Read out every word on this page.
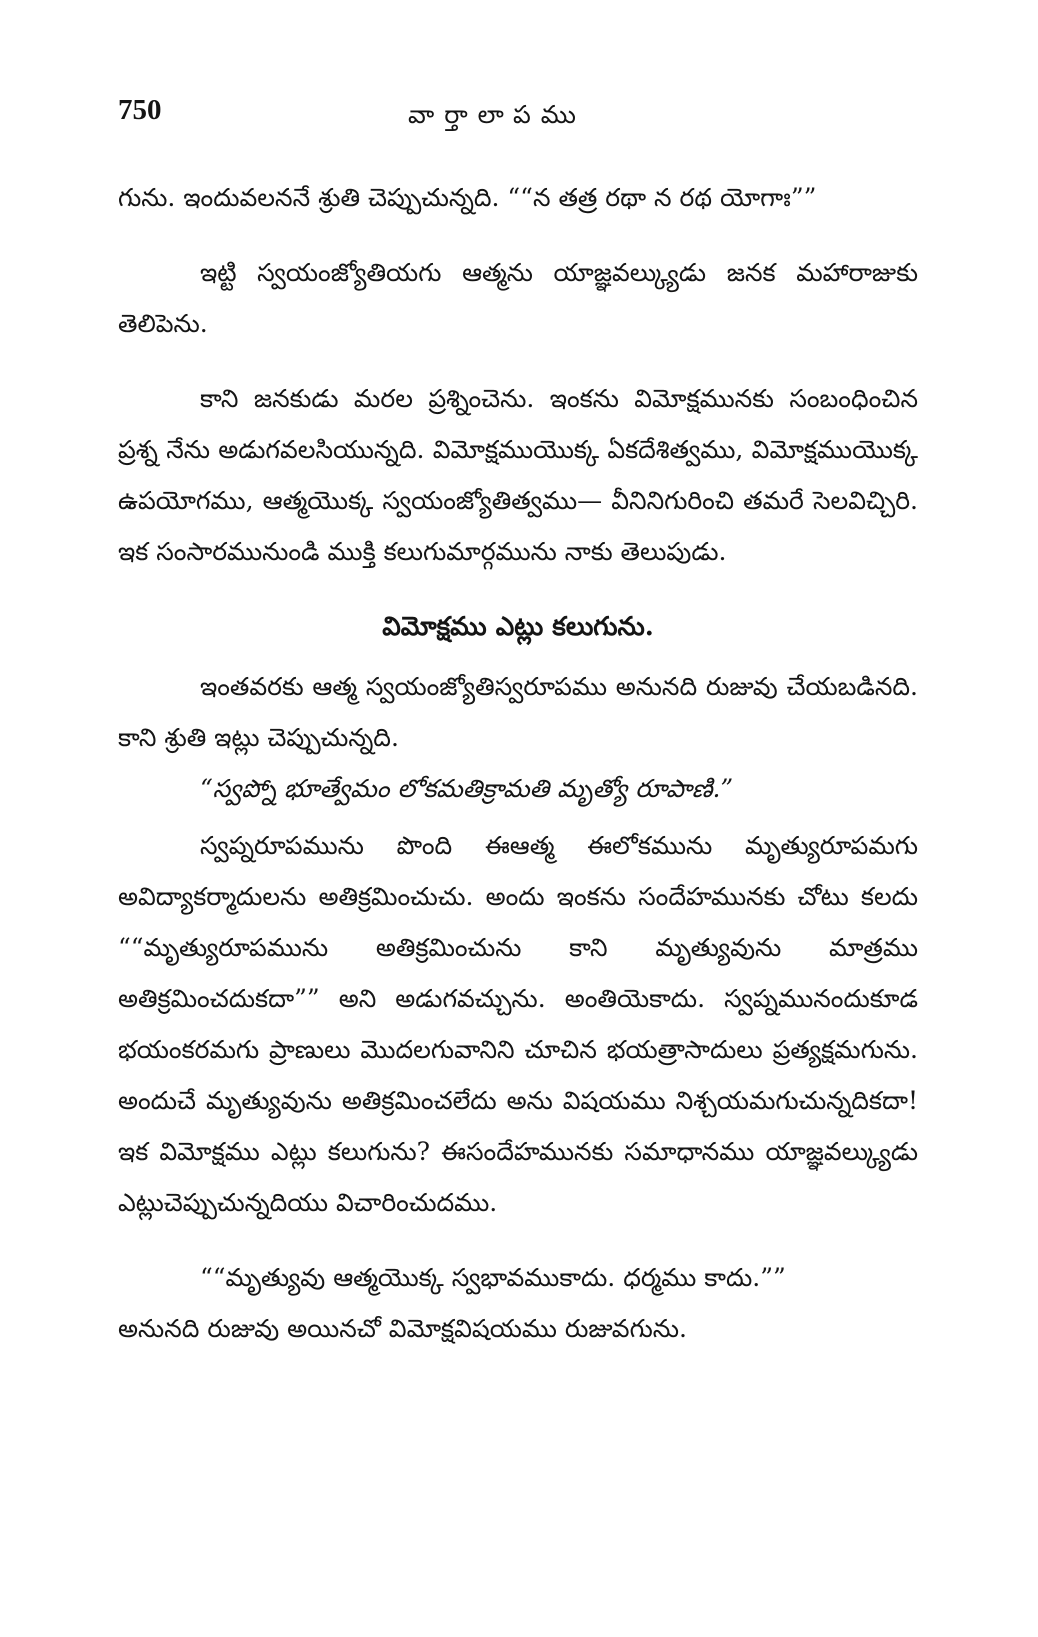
750	వార్తాలాపము

గును. ఇందువలననే శ్రుతి చెప్పుచున్నది. ““న తత్ర రథా న రథ యోగాః””

ఇట్టి స్వయంజ్యోతియగు ఆత్మను యాజ్ఞవల్క్యుడు జనక మహారాజుకు తెలిపెను.

కాని జనకుడు మరల ప్రశ్నించెను. ఇంకను విమోక్షమునకు సంబంధించిన ప్రశ్న నేను అడుగవలసియున్నది. విమోక్షముయొక్క ఏకదేశిత్వము, విమోక్షముయొక్క ఉపయోగము, ఆత్మయొక్క స్వయంజ్యోతిత్వము— వీనినిగురించి తమరే సెలవిచ్చిరి. ఇక సంసారమునుండి ముక్తి కలుగుమార్గమును నాకు తెలుపుడు.

విమోక్షము ఎట్లు కలుగును.

ఇంతవరకు ఆత్మ స్వయంజ్యోతిస్వరూపము అనునది రుజువు చేయబడినది. కాని శ్రుతి ఇట్లు చెప్పుచున్నది.

“స్వప్నో భూత్వేమం లోకమతిక్రామతి మృత్యో రూపాణి.”

స్వప్నరూపమును పొంది ఈఆత్మ ఈలోకమును మృత్యురూపమగు అవిద్యాకర్మాదులను అతిక్రమించుచు. అందు ఇంకను సందేహమునకు చోటు కలదు ““మృత్యురూపమును అతిక్రమించును కాని మృత్యువును మాత్రము అతిక్రమించదుకదా”” అని అడుగవచ్చును. అంతియెకాదు. స్వప్నమునందుకూడ భయంకరమగు ప్రాణులు మొదలగువానిని చూచిన భయత్రాసాదులు ప్రత్యక్షమగును. అందుచే మృత్యువును అతిక్రమించలేదు అను విషయము నిశ్చయమగుచున్నదికదా! ఇక విమోక్షము ఎట్లు కలుగును? ఈసందేహమునకు సమాధానము యాజ్ఞవల్క్యుడు ఎట్లుచెప్పుచున్నదియు విచారించుదము.

““మృత్యువు ఆత్మయొక్క స్వభావముకాదు. ధర్మము కాదు.””

అనునది రుజువు అయినచో విమోక్షవిషయము రుజువగును.
